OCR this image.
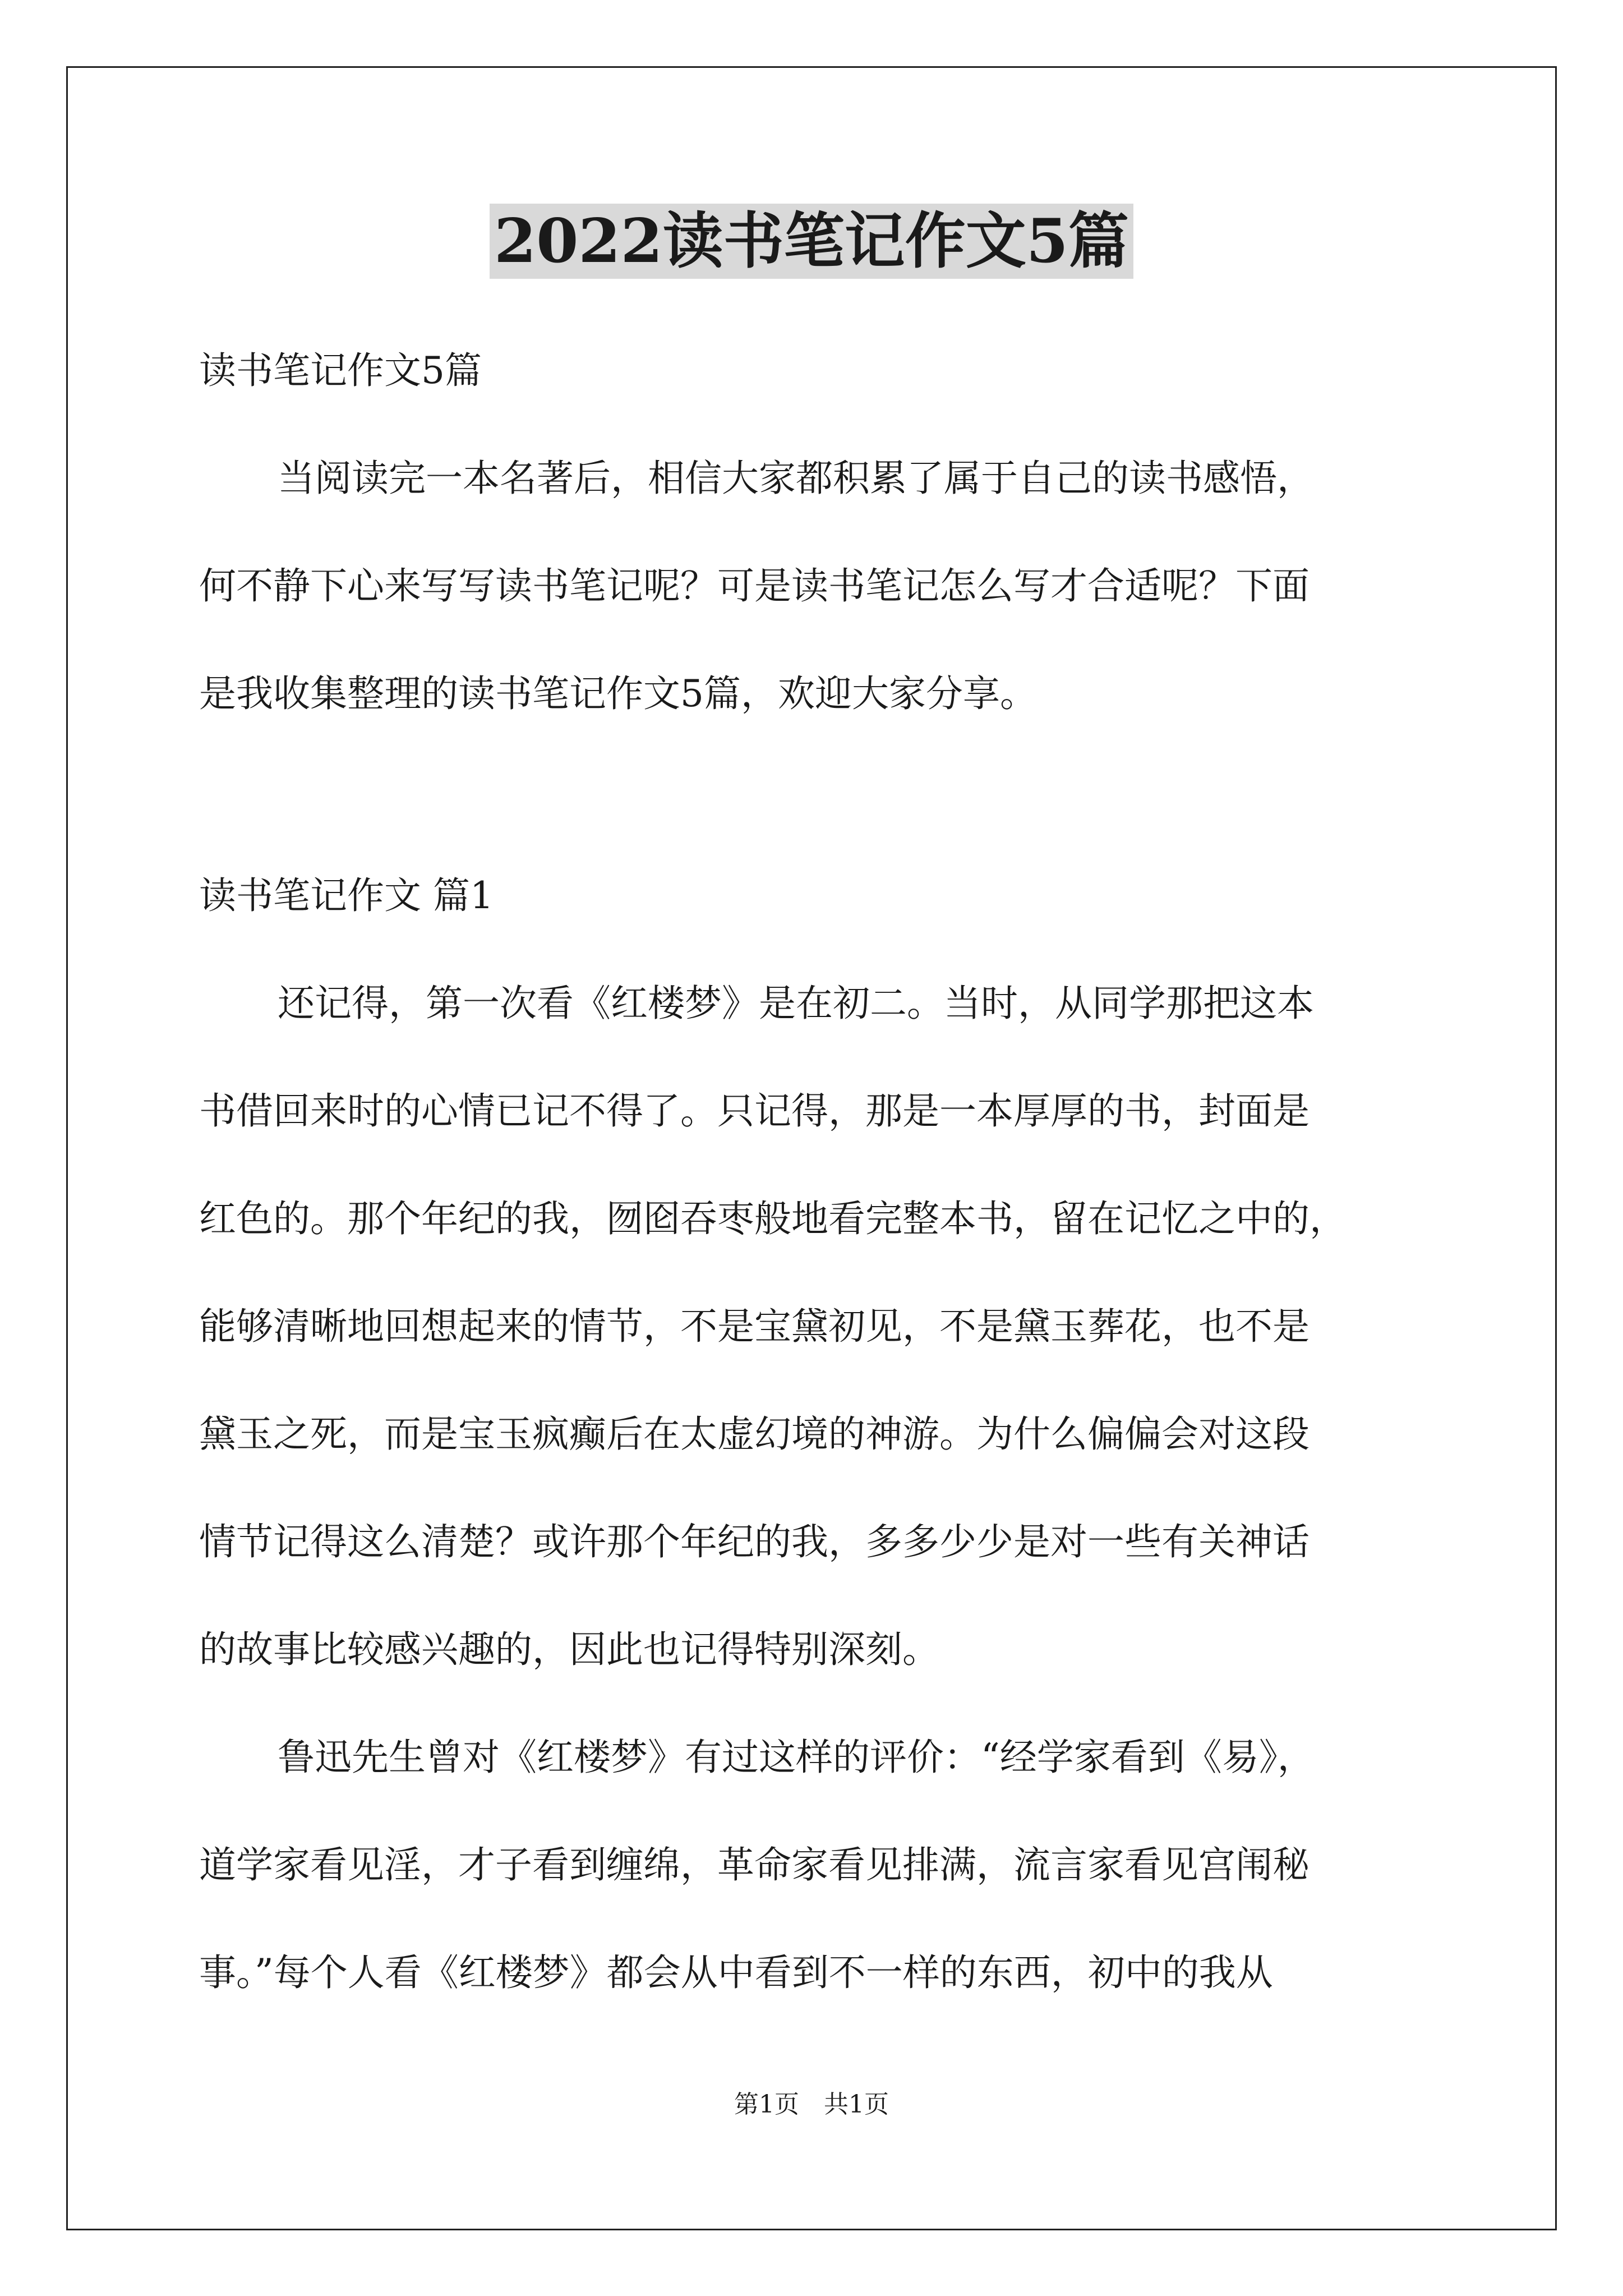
2022读书笔记作文5篇
读书笔记作文5篇
当阅读完一本名著后，相信大家都积累了属于自己的读书感悟，
何不静下心来写写读书笔记呢？可是读书笔记怎么写才合适呢？下面
是我收集整理的读书笔记作文5篇，欢迎大家分享。
读书笔记作文 篇1
还记得，第一次看《红楼梦》是在初二。当时，从同学那把这本
书借回来时的心情已记不得了。只记得，那是一本厚厚的书，封面是
红色的。那个年纪的我，囫囵吞枣般地看完整本书，留在记忆之中的，
能够清晰地回想起来的情节，不是宝黛初见，不是黛玉葬花，也不是
黛玉之死，而是宝玉疯癫后在太虚幻境的神游。为什么偏偏会对这段
情节记得这么清楚？或许那个年纪的我，多多少少是对一些有关神话
的故事比较感兴趣的，因此也记得特别深刻。
鲁迅先生曾对《红楼梦》有过这样的评价：“经学家看到《易》，
道学家看见淫，才子看到缠绵，革命家看见排满，流言家看见宫闱秘
事。”每个人看《红楼梦》都会从中看到不一样的东西，初中的我从
第1页 共1页
